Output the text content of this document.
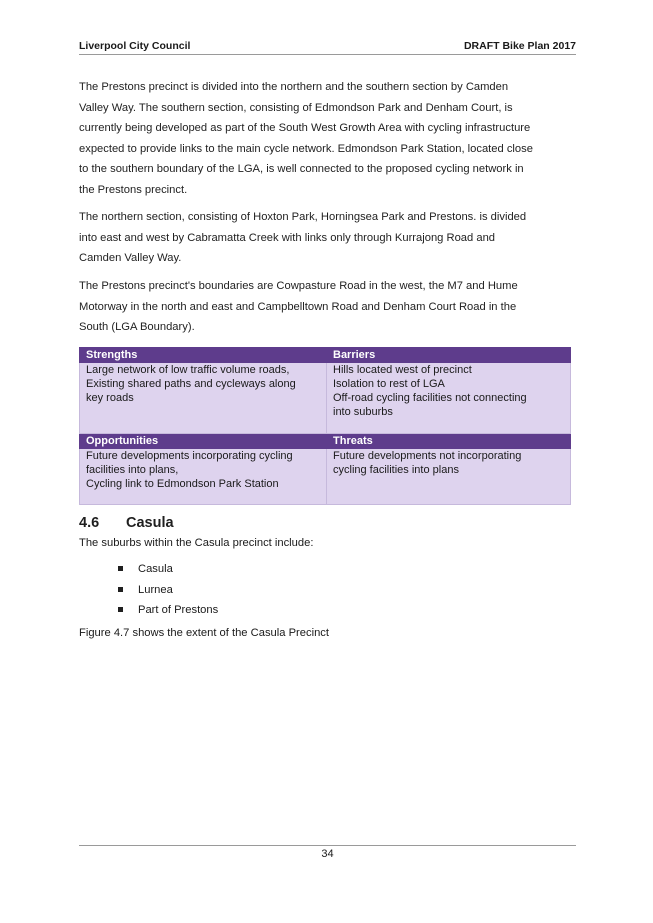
Liverpool City Council	DRAFT Bike Plan 2017
The Prestons precinct is divided into the northern and the southern section by Camden
Valley Way. The southern section, consisting of Edmondson Park and Denham Court, is
currently being developed as part of the South West Growth Area with cycling infrastructure
expected to provide links to the main cycle network. Edmondson Park Station, located close
to the southern boundary of the LGA, is well connected to the proposed cycling network in
the Prestons precinct.
The northern section, consisting of Hoxton Park, Horningsea Park and Prestons. is divided
into east and west by Cabramatta Creek with links only through Kurrajong Road and
Camden Valley Way.
The Prestons precinct's boundaries are Cowpasture Road in the west, the M7 and Hume
Motorway in the north and east and Campbelltown Road and Denham Court Road in the
South (LGA Boundary).
Strengths	Barriers

Large network of low traffic volume roads,
Existing shared paths and cycleways along
key roads	Hills located west of precinct
Isolation to rest of LGA
Off-road cycling facilities not connecting
into suburbs

Opportunities	Threats

Future developments incorporating cycling
facilities into plans,
Cycling link to Edmondson Park Station	Future developments not incorporating
cycling facilities into plans
4.6 Casula
The suburbs within the Casula precinct include:
Casula
Lurnea
Part of Prestons
Figure 4.7 shows the extent of the Casula Precinct
34
